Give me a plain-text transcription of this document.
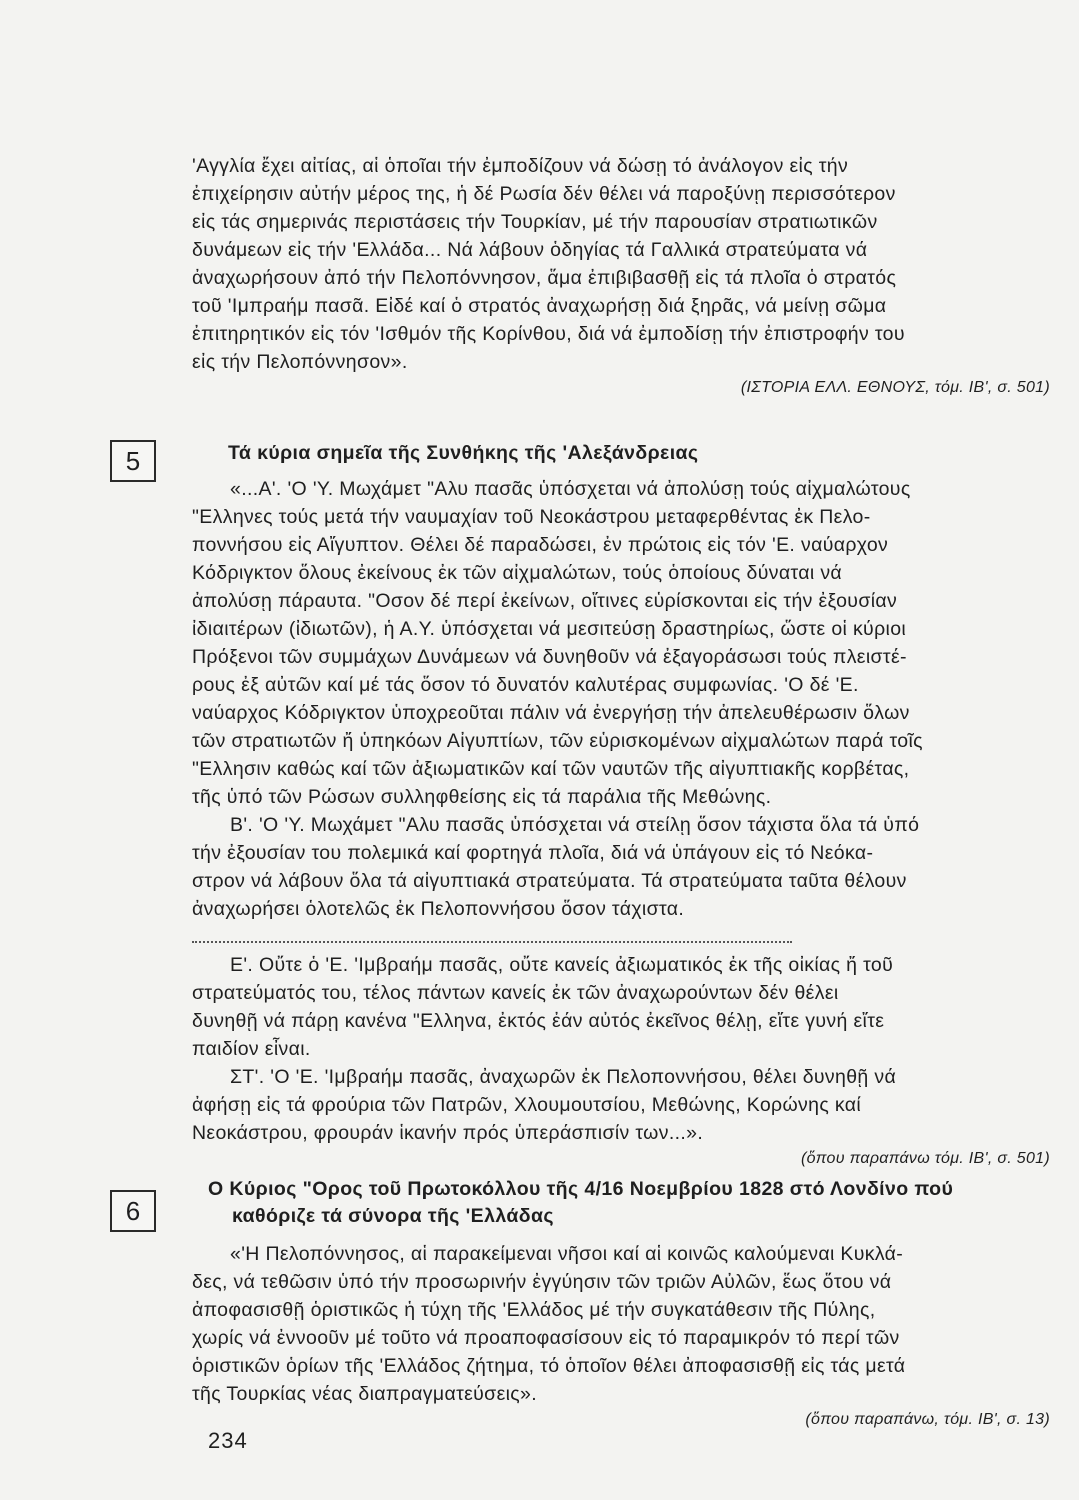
'Αγγλία ἔχει αἰτίας, αἱ ὁποῖαι τήν ἐμποδίζουν νά δώσῃ τό ἀνάλογον εἰς τήν
ἐπιχείρησιν αὐτήν μέρος της, ἡ δέ Ρωσία δέν θέλει νά παροξύνῃ περισσότερον
εἰς τάς σημερινάς περιστάσεις τήν Τουρκίαν, μέ τήν παρουσίαν στρατιωτικῶν
δυνάμεων εἰς τήν 'Ελλάδα... Νά λάβουν ὁδηγίας τά Γαλλικά στρατεύματα νά
ἀναχωρήσουν ἀπό τήν Πελοπόννησον, ἅμα ἐπιβιβασθῇ εἰς τά πλοῖα ὁ στρατός
τοῦ 'Ιμπραήμ πασᾶ. Εἰδέ καί ὁ στρατός ἀναχωρήσῃ διά ξηρᾶς, νά μείνῃ σῶμα
ἐπιτηρητικόν εἰς τόν 'Ισθμόν τῆς Κορίνθου, διά νά ἐμποδίσῃ τήν ἐπιστροφήν του
εἰς τήν Πελοπόννησον».
(ΙΣΤΟΡΙΑ ΕΛΛ. ΕΘΝΟΥΣ, τόμ. ΙΒ', σ. 501)
5	Τά κύρια σημεῖα τῆς Συνθήκης τῆς 'Αλεξάνδρειας
«...Α'. 'Ο 'Υ. Μωχάμετ "Αλυ πασᾶς ὑπόσχεται νά ἀπολύσῃ τούς αἰχμαλώτους
"Ελληνες τούς μετά τήν ναυμαχίαν τοῦ Νεοκάστρου μεταφερθέντας ἐκ Πελο-
ποννήσου εἰς Αἴγυπτον. Θέλει δέ παραδώσει, ἐν πρώτοις εἰς τόν 'Ε. ναύαρχον
Κόδριγκτον ὅλους ἐκείνους ἐκ τῶν αἰχμαλώτων, τούς ὁποίους δύναται νά
ἀπολύσῃ πάραυτα. "Οσον δέ περί ἐκείνων, οἵτινες εὑρίσκονται εἰς τήν ἐξουσίαν
ἰδιαιτέρων (ἰδιωτῶν), ἡ Α.Υ. ὑπόσχεται νά μεσιτεύσῃ δραστηρίως, ὥστε οἱ κύριοι
Πρόξενοι τῶν συμμάχων Δυνάμεων νά δυνηθοῦν νά ἐξαγοράσωσι τούς πλειστέ-
ρους ἐξ αὐτῶν καί μέ τάς ὅσον τό δυνατόν καλυτέρας συμφωνίας. 'Ο δέ 'Ε.
ναύαρχος Κόδριγκτον ὑποχρεοῦται πάλιν νά ἐνεργήσῃ τήν ἀπελευθέρωσιν ὅλων
τῶν στρατιωτῶν ἤ ὑπηκόων Αἰγυπτίων, τῶν εὑρισκομένων αἰχμαλώτων παρά τοῖς
"Ελλησιν καθώς καί τῶν ἀξιωματικῶν καί τῶν ναυτῶν τῆς αἰγυπτιακῆς κορβέτας,
τῆς ὑπό τῶν Ρώσων συλληφθείσης εἰς τά παράλια τῆς Μεθώνης.
Β'. 'Ο 'Υ. Μωχάμετ "Αλυ πασᾶς ὑπόσχεται νά στείλῃ ὅσον τάχιστα ὅλα τά ὑπό
τήν ἐξουσίαν του πολεμικά καί φορτηγά πλοῖα, διά νά ὑπάγουν εἰς τό Νεόκα-
στρον νά λάβουν ὅλα τά αἰγυπτιακά στρατεύματα. Τά στρατεύματα ταῦτα θέλουν
ἀναχωρήσει ὁλοτελῶς ἐκ Πελοποννήσου ὅσον τάχιστα.
Ε'. Οὔτε ὁ 'Ε. 'Ιμβραήμ πασᾶς, οὔτε κανείς ἀξιωματικός ἐκ τῆς οἰκίας ἤ τοῦ
στρατεύματός του, τέλος πάντων κανείς ἐκ τῶν ἀναχωρούντων δέν θέλει
δυνηθῇ νά πάρῃ κανένα "Ελληνα, ἐκτός ἐάν αὐτός ἐκεῖνος θέλῃ, εἴτε γυνή εἴτε
παιδίον εἶναι.
ΣΤ'. 'Ο 'Ε. 'Ιμβραήμ πασᾶς, ἀναχωρῶν ἐκ Πελοποννήσου, θέλει δυνηθῇ νά
ἀφήσῃ εἰς τά φρούρια τῶν Πατρῶν, Χλουμουτσίου, Μεθώνης, Κορώνης καί
Νεοκάστρου, φρουράν ἱκανήν πρός ὑπεράσπισίν των...».
(ὅπου παραπάνω τόμ. ΙΒ', σ. 501)
6
Ο Κύριος "Ορος τοῦ Πρωτοκόλλου τῆς 4/16 Νοεμβρίου 1828 στό Λονδίνο πού
καθόριζε τά σύνορα τῆς 'Ελλάδας
«'Η Πελοπόννησος, αἱ παρακείμεναι νῆσοι καί αἱ κοινῶς καλούμεναι Κυκλά-
δες, νά τεθῶσιν ὑπό τήν προσωρινήν ἐγγύησιν τῶν τριῶν Αὐλῶν, ἕως ὅτου νά
ἀποφασισθῇ ὁριστικῶς ἡ τύχη τῆς 'Ελλάδος μέ τήν συγκατάθεσιν τῆς Πύλης,
χωρίς νά ἐννοοῦν μέ τοῦτο νά προαποφασίσουν εἰς τό παραμικρόν τό περί τῶν
ὁριστικῶν ὁρίων τῆς 'Ελλάδος ζήτημα, τό ὁποῖον θέλει ἀποφασισθῇ εἰς τάς μετά
τῆς Τουρκίας νέας διαπραγματεύσεις».
(ὅπου παραπάνω, τόμ. ΙΒ', σ. 13)
234
